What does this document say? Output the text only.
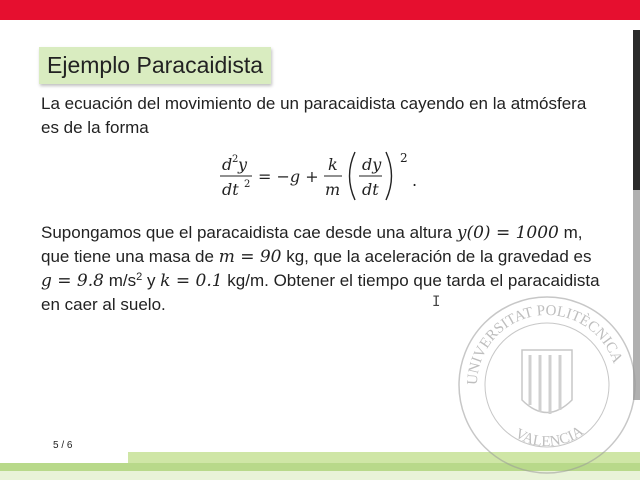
Ejemplo Paracaidista
La ecuación del movimiento de un paracaidista cayendo en la atmósfera es de la forma
d 2 y
dt 2 = −g +
k
m
dy
dt
2
.
Supongamos que el paracaidista cae desde una altura y(0) = 1000 m, que tiene una masa de m = 90 kg, que la aceleración de la gravedad es g = 9.8 $m/s^2$ y k = 0.1 kg/m. Obtener el tiempo que tarda el paracaidista en caer al suelo.	I
5 / 6
UNIVERSITAT POLITÈCNICA
VALENCIA
